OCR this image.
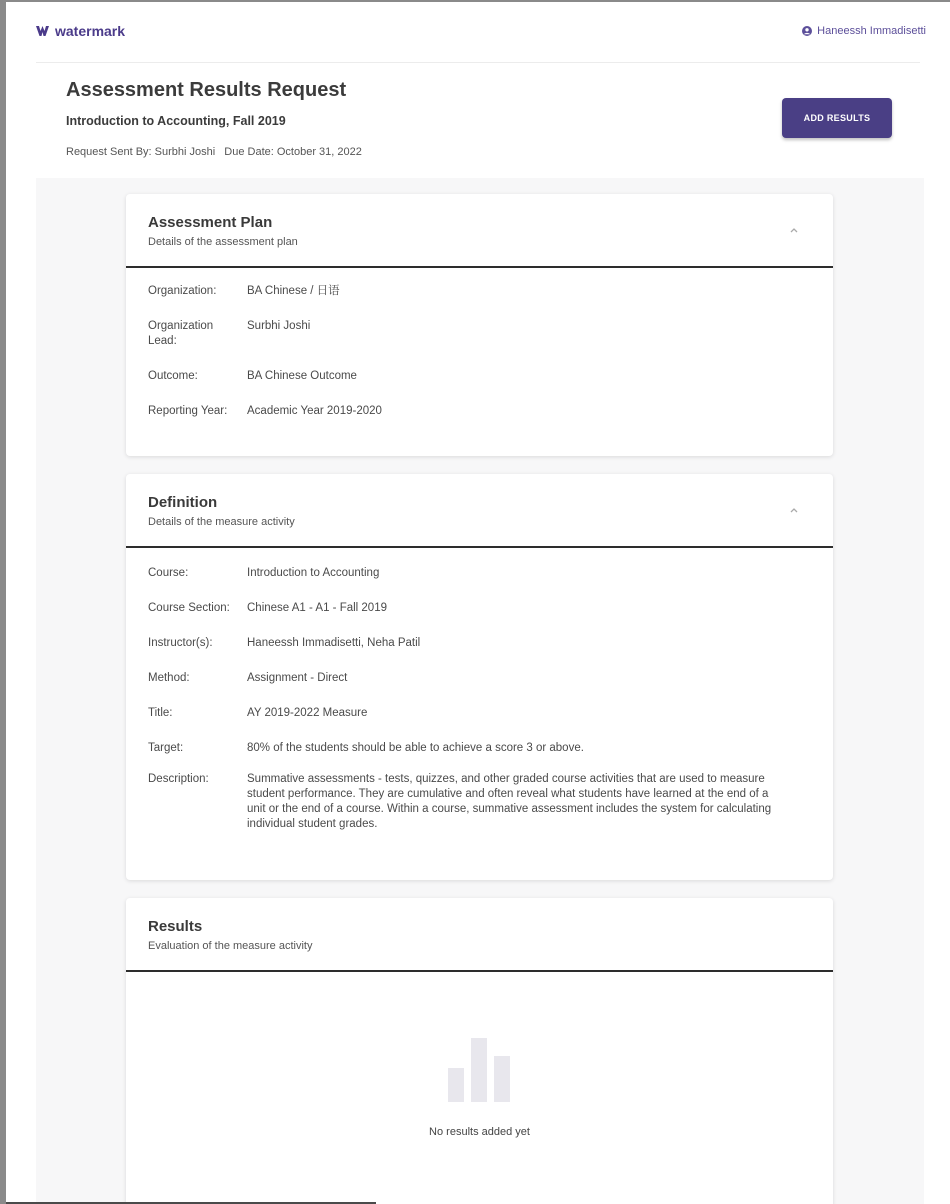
watermark	Haneessh Immadisetti
Assessment Results Request
Introduction to Accounting, Fall 2019
Request Sent By: Surbhi Joshi Due Date: October 31, 2022
ADD RESULTS
Assessment Plan
Details of the assessment plan
Organization:	BA Chinese / 日语
Organization Lead:
Surbhi Joshi
Outcome:	BA Chinese Outcome
Reporting Year:	Academic Year 2019-2020
Definition
Details of the measure activity
Course:	Introduction to Accounting
Course Section:	Chinese A1 - A1 - Fall 2019
Instructor(s):	Haneessh Immadisetti, Neha Patil
Method:	Assignment - Direct
Title:	AY 2019-2022 Measure
Target:	80% of the students should be able to achieve a score 3 or above.
Description:	Summative assessments - tests, quizzes, and other graded course activities that are used to measure student performance. They are cumulative and often reveal what students have learned at the end of a unit or the end of a course. Within a course, summative assessment includes the system for calculating individual student grades.
Results
Evaluation of the measure activity
No results added yet
